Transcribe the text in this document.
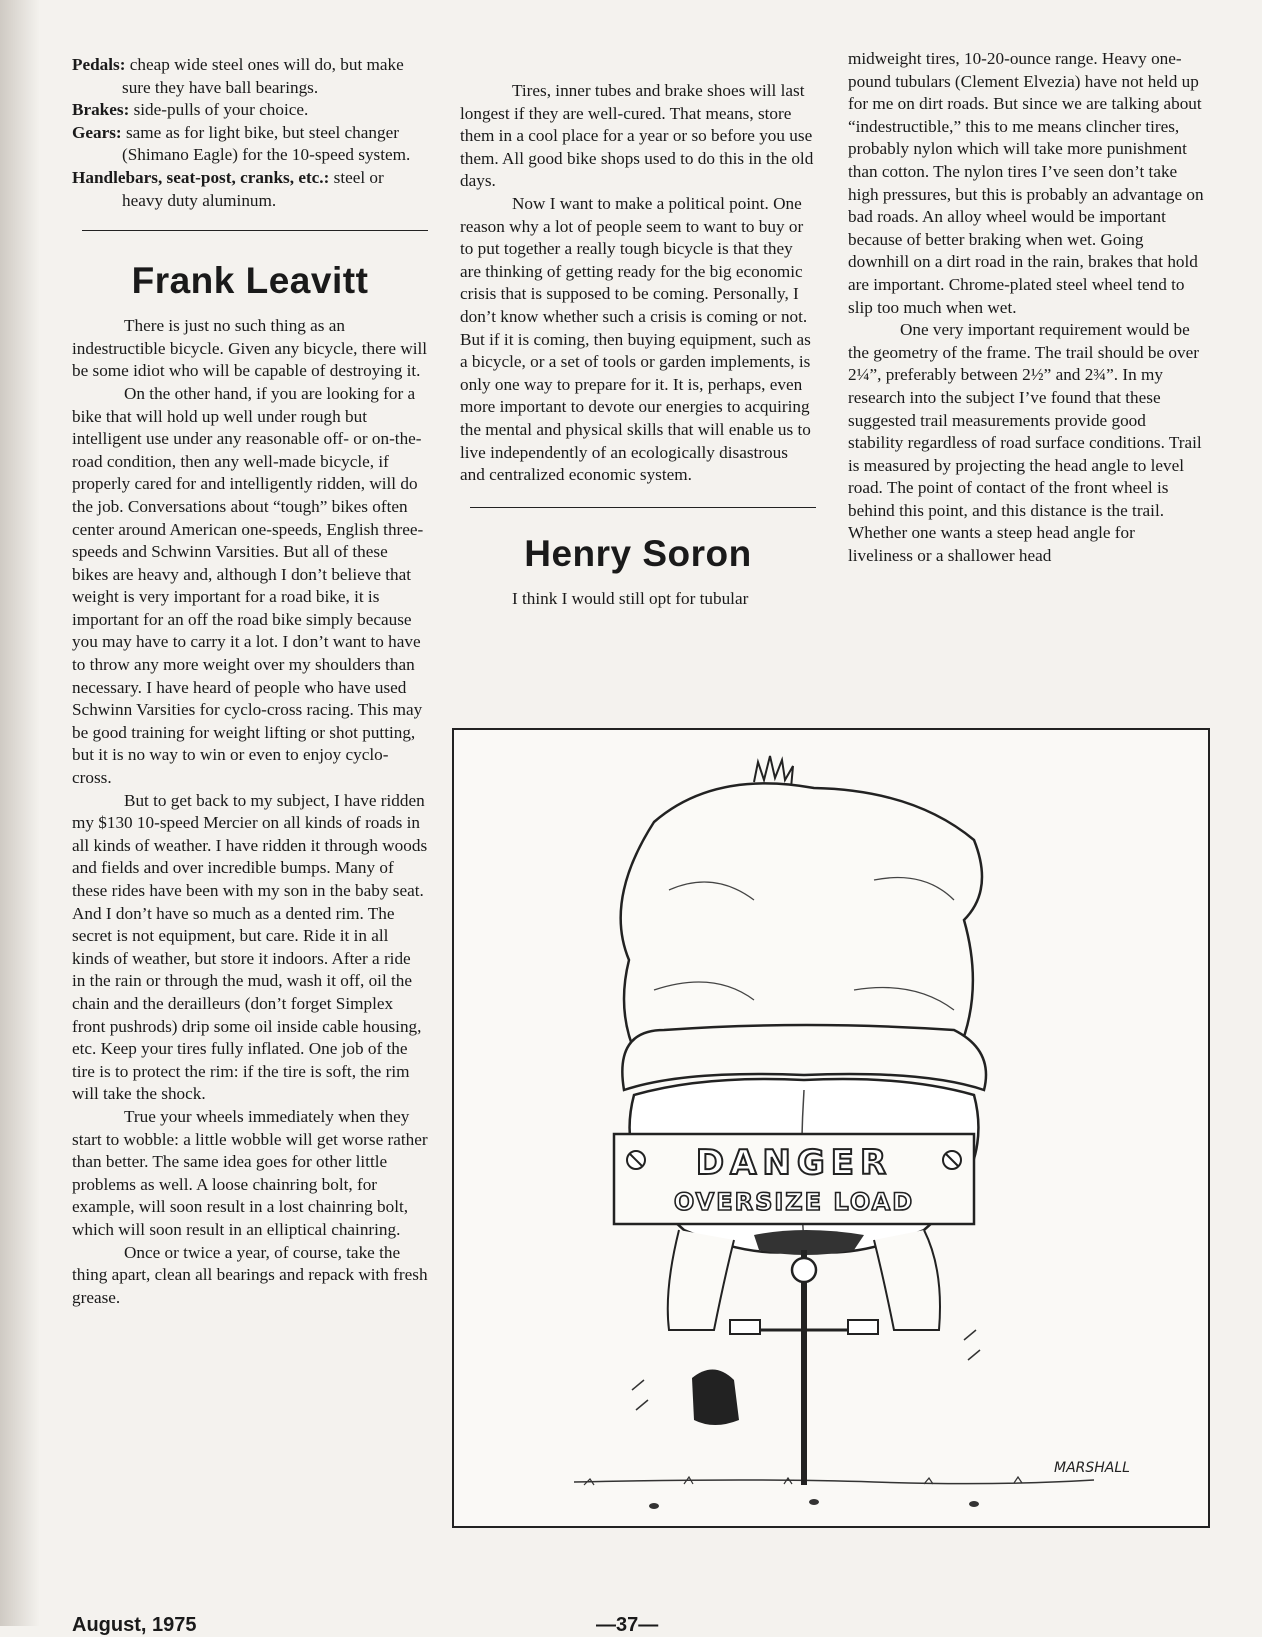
Pedals: cheap wide steel ones will do, but make sure they have ball bearings.

Brakes: side-pulls of your choice.

Gears: same as for light bike, but steel changer (Shimano Eagle) for the 10-speed system.

Handlebars, seat-post, cranks, etc.: steel or heavy duty aluminum.

Frank Leavitt

There is just no such thing as an indestructible bicycle. Given any bicycle, there will be some idiot who will be capable of destroying it.

On the other hand, if you are looking for a bike that will hold up well under rough but intelligent use under any reasonable off- or on-the-road condition, then any well-made bicycle, if properly cared for and intelligently ridden, will do the job. Conversations about “tough” bikes often center around American one-speeds, English three-speeds and Schwinn Varsities. But all of these bikes are heavy and, although I don’t believe that weight is very important for a road bike, it is important for an off the road bike simply because you may have to carry it a lot. I don’t want to have to throw any more weight over my shoulders than necessary. I have heard of people who have used Schwinn Varsities for cyclo-cross racing. This may be good training for weight lifting or shot putting, but it is no way to win or even to enjoy cyclo-cross.

But to get back to my subject, I have ridden my $130 10-speed Mercier on all kinds of roads in all kinds of weather. I have ridden it through woods and fields and over incredible bumps. Many of these rides have been with my son in the baby seat. And I don’t have so much as a dented rim. The secret is not equipment, but care. Ride it in all kinds of weather, but store it indoors. After a ride in the rain or through the mud, wash it off, oil the chain and the derailleurs (don’t forget Simplex front pushrods) drip some oil inside cable housing, etc. Keep your tires fully inflated. One job of the tire is to protect the rim: if the tire is soft, the rim will take the shock.

True your wheels immediately when they start to wobble: a little wobble will get worse rather than better. The same idea goes for other little problems as well. A loose chainring bolt, for example, will soon result in a lost chainring bolt, which will soon result in an elliptical chainring.

Once or twice a year, of course, take the thing apart, clean all bearings and repack with fresh grease.

Tires, inner tubes and brake shoes will last longest if they are well-cured. That means, store them in a cool place for a year or so before you use them. All good bike shops used to do this in the old days.

Now I want to make a political point. One reason why a lot of people seem to want to buy or to put together a really tough bicycle is that they are thinking of getting ready for the big economic crisis that is supposed to be coming. Personally, I don’t know whether such a crisis is coming or not. But if it is coming, then buying equipment, such as a bicycle, or a set of tools or garden implements, is only one way to prepare for it. It is, perhaps, even more important to devote our energies to acquiring the mental and physical skills that will enable us to live independently of an ecologically disastrous and centralized economic system.

Henry Soron

I think I would still opt for tubular

midweight tires, 10-20-ounce range. Heavy one-pound tubulars (Clement Elvezia) have not held up for me on dirt roads. But since we are talking about “indestructible,” this to me means clincher tires, probably nylon which will take more punishment than cotton. The nylon tires I’ve seen don’t take high pressures, but this is probably an advantage on bad roads. An alloy wheel would be important because of better braking when wet. Going downhill on a dirt road in the rain, brakes that hold are important. Chrome-plated steel wheel tend to slip too much when wet.

One very important requirement would be the geometry of the frame. The trail should be over 2¼”, preferably between 2½” and 2¾”. In my research into the subject I’ve found that these suggested trail measurements provide good stability regardless of road surface conditions. Trail is measured by projecting the head angle to level road. The point of contact of the front wheel is behind this point, and this distance is the trail. Whether one wants a steep head angle for liveliness or a shallower head

DANGER
OVERSIZE LOAD
MARSHALL
August, 1975	—37—
